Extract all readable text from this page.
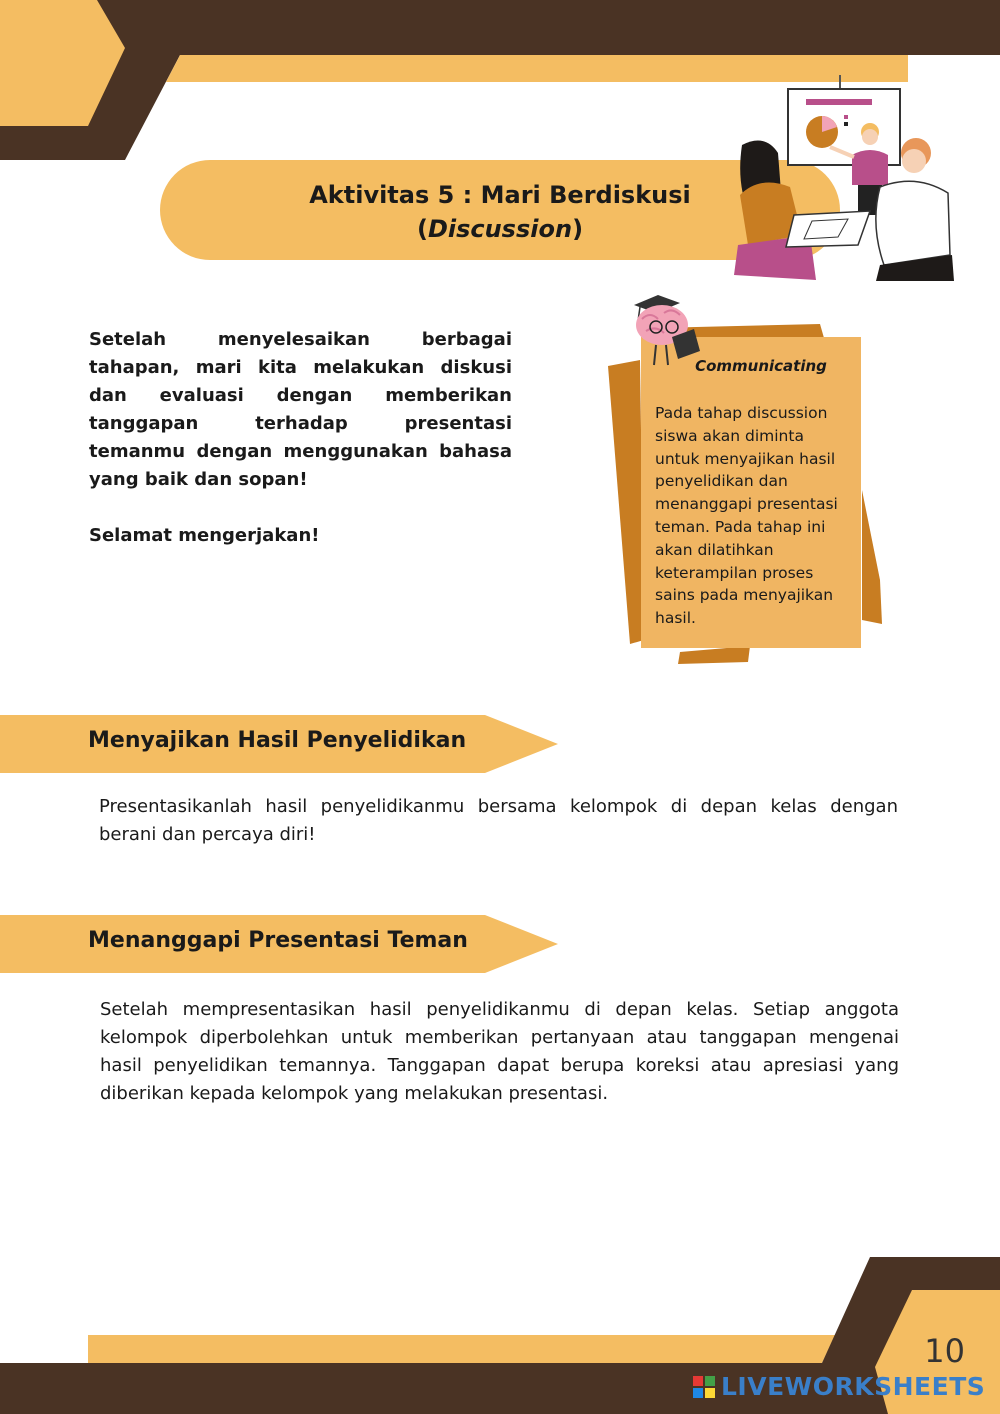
Aktivitas 5 : Mari Berdiskusi
(Discussion)

Setelah menyelesaikan berbagai tahapan, mari kita melakukan diskusi dan evaluasi dengan memberikan tanggapan terhadap presentasi temanmu dengan menggunakan bahasa yang baik dan sopan!

Selamat mengerjakan!

Communicating
Pada tahap discussion siswa akan diminta untuk menyajikan hasil penyelidikan dan menanggapi presentasi teman. Pada tahap ini akan dilatihkan keterampilan proses sains pada menyajikan hasil.
Menyajikan Hasil Penyelidikan
Presentasikanlah hasil penyelidikanmu bersama kelompok di depan kelas dengan berani dan percaya diri!
Menanggapi Presentasi Teman
Setelah mempresentasikan hasil penyelidikanmu di depan kelas. Setiap anggota kelompok diperbolehkan untuk memberikan pertanyaan atau tanggapan mengenai hasil penyelidikan temannya. Tanggapan dapat berupa koreksi atau apresiasi yang diberikan kepada kelompok yang melakukan presentasi.
10
LIVEWORKSHEETS
